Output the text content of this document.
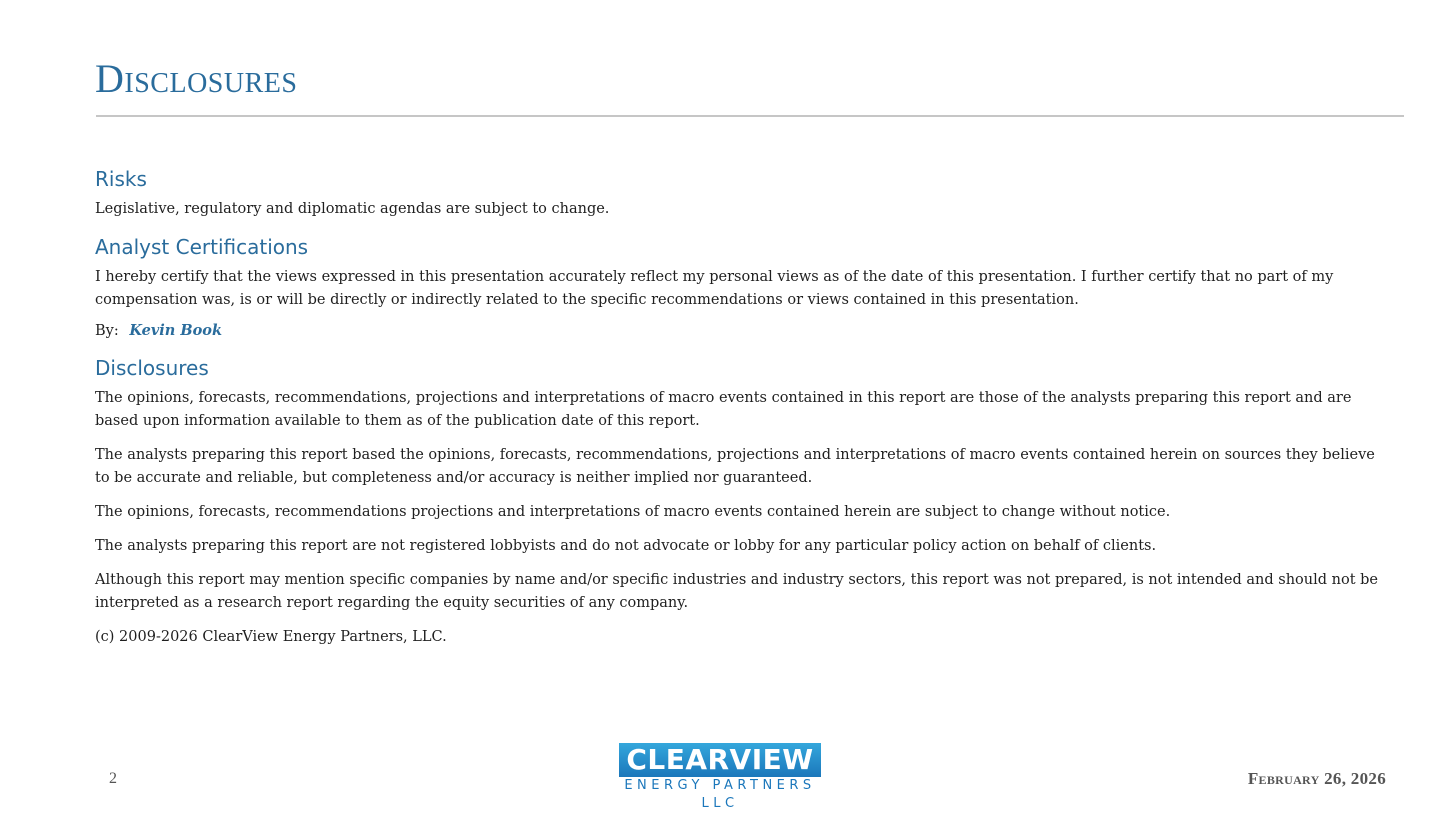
Disclosures
Risks

Legislative, regulatory and diplomatic agendas are subject to change.

Analyst Certifications

I hereby certify that the views expressed in this presentation accurately reflect my personal views as of the date of this presentation. I further certify that no part of my compensation was, is or will be directly or indirectly related to the specific recommendations or views contained in this presentation.

By: Kevin Book

Disclosures

The opinions, forecasts, recommendations, projections and interpretations of macro events contained in this report are those of the analysts preparing this report and are based upon information available to them as of the publication date of this report.

The analysts preparing this report based the opinions, forecasts, recommendations, projections and interpretations of macro events contained herein on sources they believe to be accurate and reliable, but completeness and/or accuracy is neither implied nor guaranteed.

The opinions, forecasts, recommendations projections and interpretations of macro events contained herein are subject to change without notice.

The analysts preparing this report are not registered lobbyists and do not advocate or lobby for any particular policy action on behalf of clients.

Although this report may mention specific companies by name and/or specific industries and industry sectors, this report was not prepared, is not intended and should not be interpreted as a research report regarding the equity securities of any company.

(c) 2009-2026 ClearView Energy Partners, LLC.

2
CLEARVIEW
ENERGY PARTNERS LLC
February 26, 2026
